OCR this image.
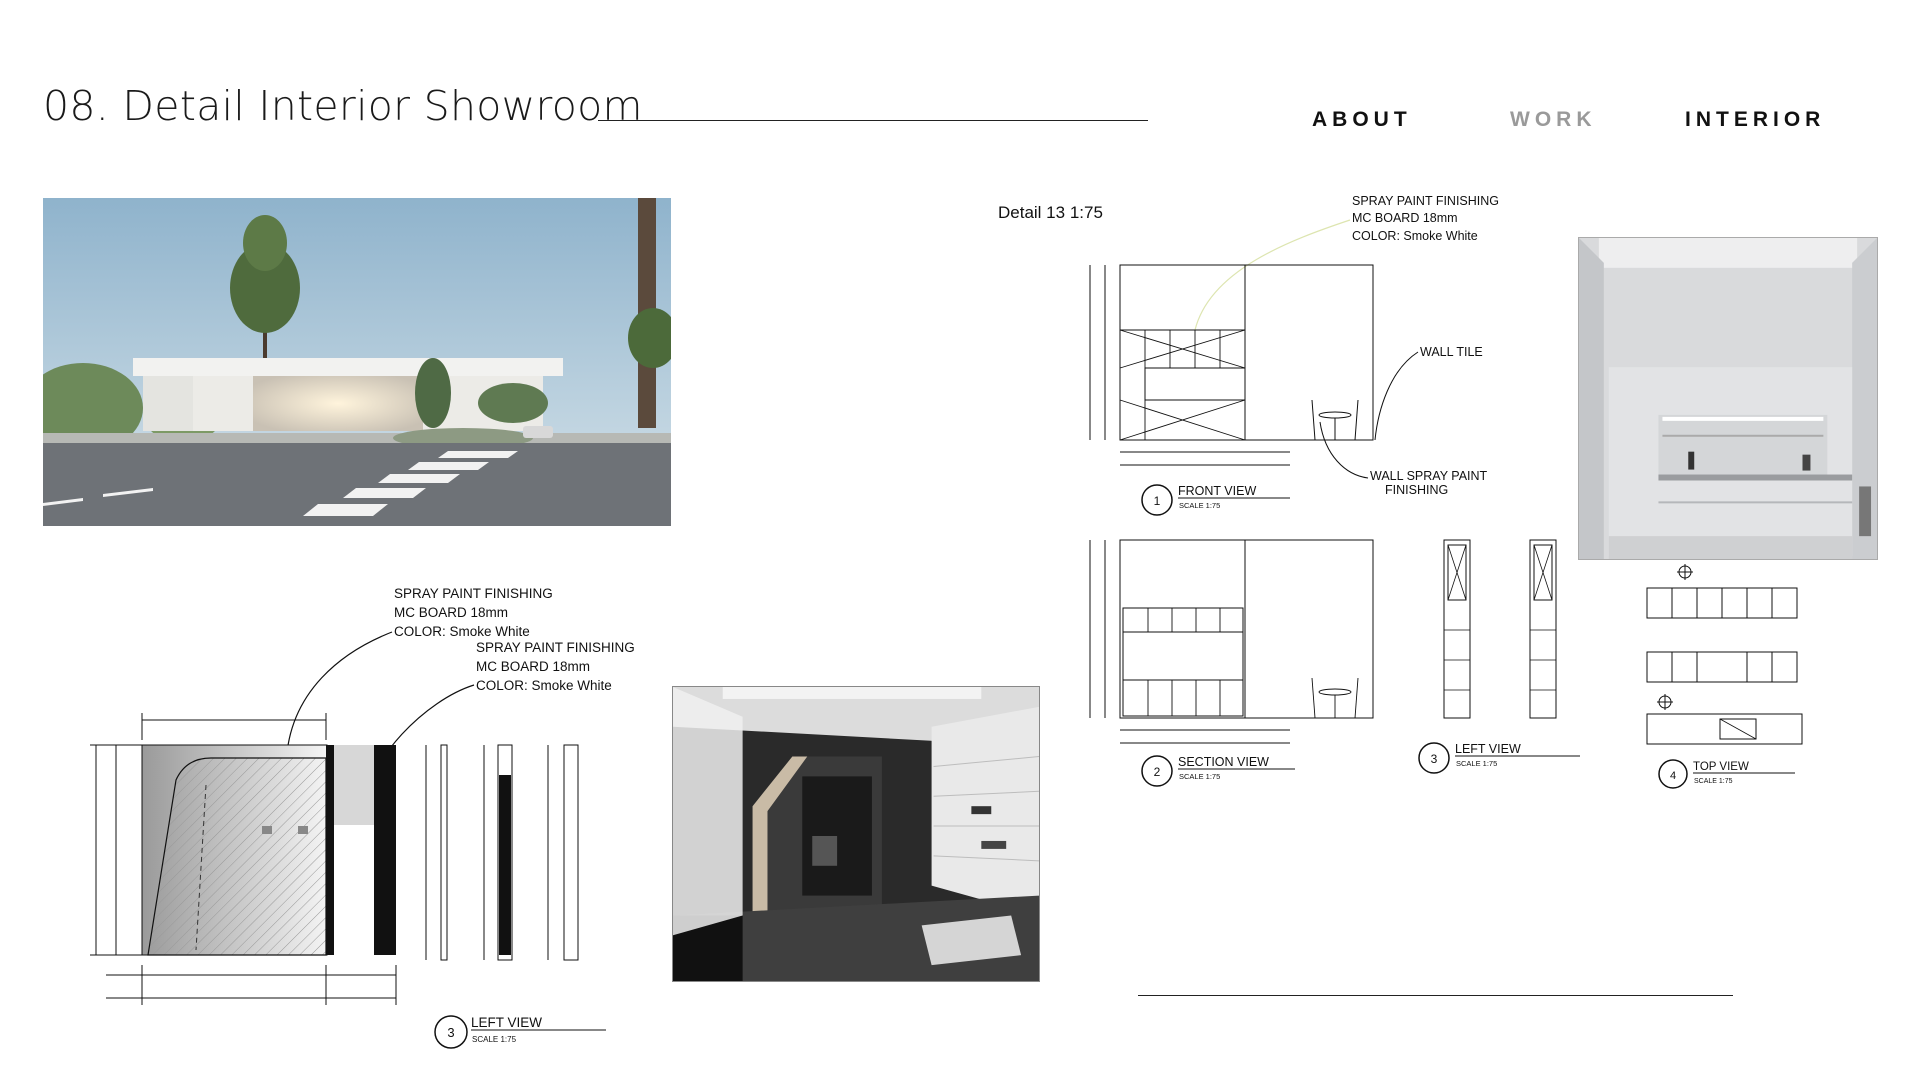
08. Detail Interior Showroom	ABOUT	WORK	INTERIOR
SPRAY PAINT FINISHING
MC BOARD 18mm
COLOR: Smoke White
SPRAY PAINT FINISHING
MC BOARD 18mm
COLOR: Smoke White
3
LEFT VIEW
SCALE 1:75
Detail 13 1:75
SPRAY PAINT FINISHING
MC BOARD 18mm
COLOR: Smoke White
WALL TILE
WALL SPRAY PAINT
FINISHING
1
FRONT VIEW
SCALE 1:75
2
SECTION VIEW
SCALE 1:75
3
LEFT VIEW
SCALE 1:75
4
TOP VIEW
SCALE 1:75
